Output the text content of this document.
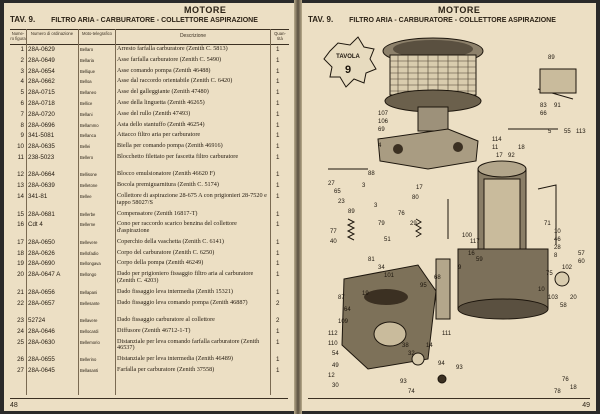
MOTORE
TAV. 9. FILTRO ARIA - CARBURATORE - COLLETTORE ASPIRAZIONE
Nume-ro figura
Numero di ordinazione	Moto-telegrafico	Descrizione	Quan-tità
1 28A-0629	Bellaro	Arresto farfalla carburatore (Zenith C. 5813)	1
2 28A-0649	Bellaria	Asse farfalla carburatore (Zenith C. 5490)	1
3 28A-0654	Bellique	Asse comando pompa (Zenith 46488)	1
4 28A-0662	Belloa	Asse dal raccordo orientabile (Zenith C. 6420)	1
5 28A-0715	Bellaneo	Asse del galleggiante (Zenith 47480)	1
6 28A-0718	Bellice	Asse della linguetta (Zenith 46265)	1
7 28A-0720	Bellani	Asse del rullo (Zenith 47493)	1
8 28A-0696	Bellammo	Asta dello stantuffo (Zenith 46254)	1
9 341-5081	Bellanca	Attacco filtro aria per carburatore	1
10 28A-0635	Bellei	Biella per comando pompa (Zenith 46916)	1
11 238-5023	Bellero	Blocchetto filettato per fascetta filtro carburatore	1
12 28A-0664	Bellisone	Blocco emulsionatore (Zenith 46620 F)	1
13 28A-0639	Belletone	Bocola premiguarnitura (Zenith C. 5174)	1
14 341-81	Bellee	Collettore di aspirazione 28-675 A con prigionieri 28-7520 e tappo 58027/S
1
15 28A-0681	Bellerbe	Compensatore (Zenith 16817-T)	1
16 Cdt 4	Bellerne	Cono per raccordo scarico benzina del collettore d'aspirazione
1
17 28A-0650	Bellevere	Coperchio della vaschetta (Zenith C. 6141)	1
18 28A-0626	Bellofadio	Corpo del carburatore (Zenith C. 6250)	1
19 28A-0690	Bellongava	Corpo della pompa (Zenith 46249)	1
20 28A-0647 A	Bellongo	Dado per prigioniero fissaggio filtro aria al carburatore (Zenith C. 4203)
1
21 28A-0656	Bellapani	Dado fissaggio leva intermedia (Zenith 15321)	1
22 28A-0657	Bellesante	Dado fissaggio leva comando pompa (Zenith 46887)	2
23 52724	Bellavere	Dado fissaggio carburatore al collettore	2
24 28A-0646	Bellocardi	Diffusore (Zenith 46712-1-T)	1
25 28A-0630	Bellemorio	Distanziale per leva comando farfalla carburatore (Zenith 46537)
1
26 28A-0655	Bellerino	Distanziale per leva intermedia (Zenith 46489)	1
27 28A-0645	Bellasanti	Farfalla per carburatore (Zenith 37558)	1
48
MOTORE
TAV. 9. FILTRO ARIA - CARBURATORE - COLLETTORE ASPIRAZIONE
TAVOLA
9
89
83
66
91
5 55 113
107
106
69
4
114
11
17
18
92
27
65
23
88
3
89
77
40
3
79
51
76
29
80
17
16
59
71
10
46
28
8
100
117
9
75
102
57
60
10
103
58
20
68
81
34
101
95
19
87
64
109
112
110
54
49
12
30
38
32
14
111
94
93
93
74
76
18
78
49
